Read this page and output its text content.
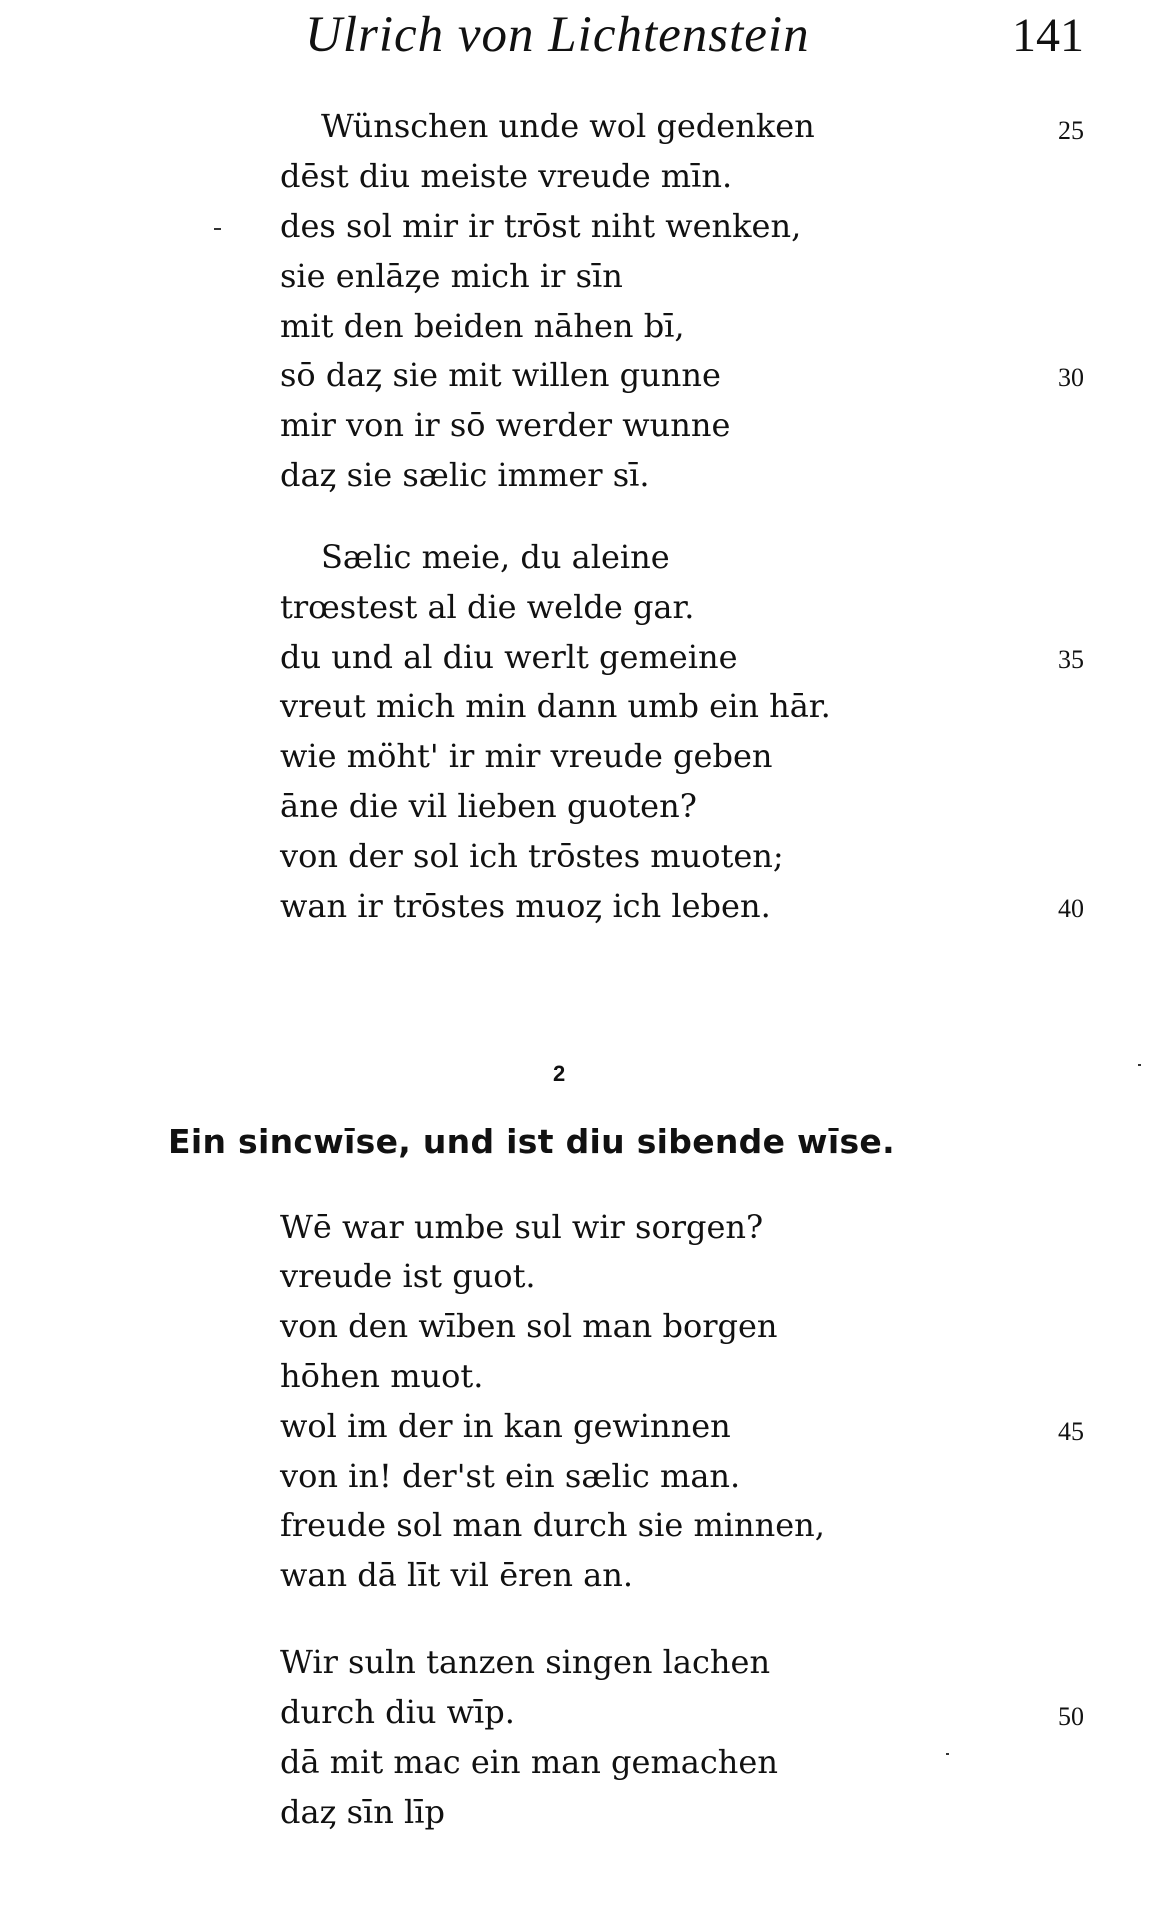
Ulrich von Lichtenstein	141
Wünschen unde wol gedenken
dēst diu meiste vreude mīn.
des sol mir ir trōst niht wenken,
sie enlāȥe mich ir sīn
mit den beiden nāhen bī,
sō daȥ sie mit willen gunne
mir von ir sō werder wunne
daȥ sie sælic immer sī.
Sælic meie, du aleine
trœstest al die welde gar.
du und al diu werlt gemeine
vreut mich min dann umb ein hār.
wie möht' ir mir vreude geben
āne die vil lieben guoten?
von der sol ich trōstes muoten;
wan ir trōstes muoȥ ich leben.
25
30
35
40
45
50
2
Ein sincwīse, und ist diu sibende wīse.
Wē war umbe sul wir sorgen?
vreude ist guot.
von den wīben sol man borgen
hōhen muot.
wol im der in kan gewinnen
von in! der'st ein sælic man.
freude sol man durch sie minnen,
wan dā līt vil ēren an.
Wir suln tanzen singen lachen
durch diu wīp.
dā mit mac ein man gemachen
daȥ sīn līp
